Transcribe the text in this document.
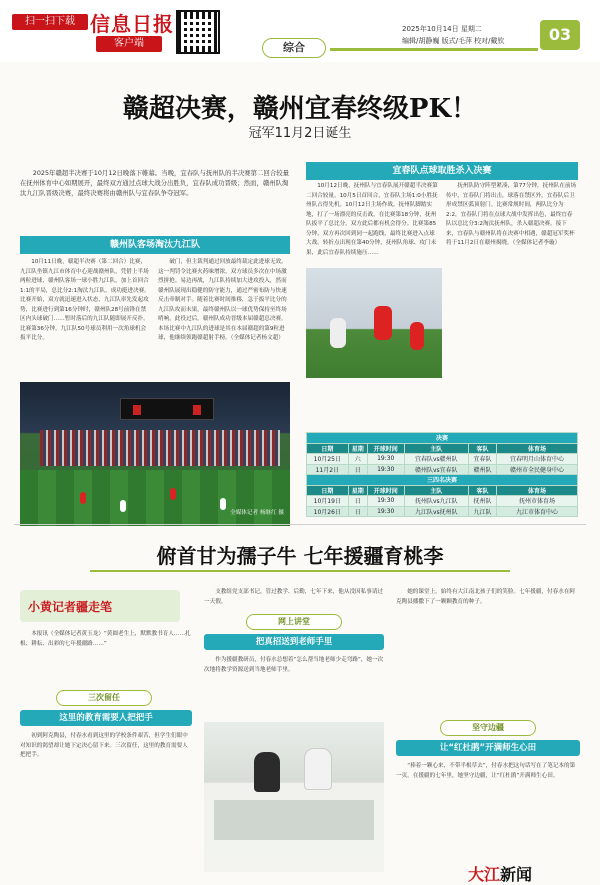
扫一扫下载 信息日报
客户端	综合
2025年10月14日 星期二
编辑/胡静巍 版式/毛萍 校对/戴钦	03
赣超决赛，赣州宜春终级PK！
冠军11月2日诞生
2025年赣超半决赛于10月12日晚落下帷幕。当晚，宜春队与抚州队的半决赛第二回合较量在抚州体育中心如期展开，最终双方通过点球大战分出胜负，宜春队成功晋级；然而，赣州队淘汰九江队晋级决赛，最终决赛将由赣州队与宜春队争夺冠军。
赣州队客场淘汰九江队
10月11日晚，赣超半决赛（第二回合）比赛，九江队坐镇九江市体育中心迎战赣州队，凭借上半场两粒进球，赣州队客场一球小胜九江队，加上首回合1:1的平局，总比分2:1淘汰九江队，成功挺进决赛。比赛开始，双方就迅速进入状态，九江队率先发起攻势，比赛进行到第16分钟时，赣州队28号前锋在禁区内头球破门……暂时落后的九江队随即展开反扑，比赛第36分钟，九江队50号球员利用一次角球机会扳平比分。
破门，但主裁判通过回放最终裁定此进球无效。这一判罚令比赛火药味增浓，双方球员多次在中场激烈拼抢。易边再战，九江队持续加大进攻投入，然而赣州队展现出稳健的防守能力，通过严密布防与快速反击牵制对手。随着比赛时间推移，急于扳平比分的九江队攻而未果，最终赣州队以一球优势保持至终场哨响。此役过后，赣州队成功晋级本届赣超总决赛。本场比赛中九江队的进球是其在本届赣超的第9粒进球，他继续领跑赣超射手榜。（全媒体记者杨文超）
全媒体记者 杨继红 摄
宜春队点球取胜杀入决赛
10月12日晚，抚州队与宜春队展开赣超半决赛第二回合较量。10月5日首回合，宜春队主场1:0小胜抚州队占得先机。10月12日主场作战，抚州队脚踏实地，打了一场漂亮的反击战，在比赛第18分钟，抚州队扳平了总比分，双方此后都有机会得分。比赛第85分钟，双方再次回到同一起跑线，最终比赛进入点球大战。转折点出现在第40分钟，抚州队角球、攻门未果，此后宜春队持续施压……
抚州队防守阵型紧凑，第77分钟，抚州队在前场传中，宜春队门将出击，球落在禁区外，宜春队后卫形成禁区弧顶射门。比赛常规时间，两队比分为2:2，宜春队门将在点球大战中发挥出色，最终宜春队以总比分3:2淘汰抚州队，杀入赣超决赛。接下来，宜春队与赣州队将在决赛中相遇，赣超冠军奖杯将于11月2日在赣州揭晓。（全媒体记者李璇）
决赛					
日期	星期	开球时间	主队	客队	体育场
10月25日	六	19:30	宜春队vs赣州队	宜春队	宜春明月山体育中心
11月2日	日	19:30	赣州队vs宜春队	赣州队	赣州市全民健身中心
三四名决赛					
日期	星期	开球时间	主队	客队	体育场
10月19日	日	19:30	抚州队vs九江队	抚州队	抚州市体育场
10月26日	日	19:30	九江队vs抚州队	九江队	九江市体育中心
俯首甘为孺子牛 七年援疆育桃李
小黄记者疆走笔
本报讯（全媒体记者黄玉龙）“黄圆老生上，默默教书育人……扎根、耕耘、出彩的七年援疆路……”
三次留任
这里的教育需要人把把手
初到阿克陶县，付春水看到这里的学校条件艰苦，但学生们眼中对知识的渴望却让她下定决心留下来。三次留任，这里的教育需要人把把手。
支教组党支部书记，管过教学、后勤，七年下来，他从没因私事请过一天假。
网上讲堂
把真招送到老师手里
作为援疆教研员，付春水总想着“怎么帮当地老师少走弯路”，她一次次地将教学资源送到当地老师手里。
她的课堂上，始终有大江南北孩子们的笑脸。七年援疆，付春水在阿克陶县播撒下了一颗颗教育的种子。
坚守边疆
让“红杜鹃”开满师生心田
“捧着一颗心来，不带半根草去”，付春水把这句话写在了笔记本的第一页。在援疆的七年里，她坚守边疆，让“红杜鹃”开满师生心田。
大江新闻
